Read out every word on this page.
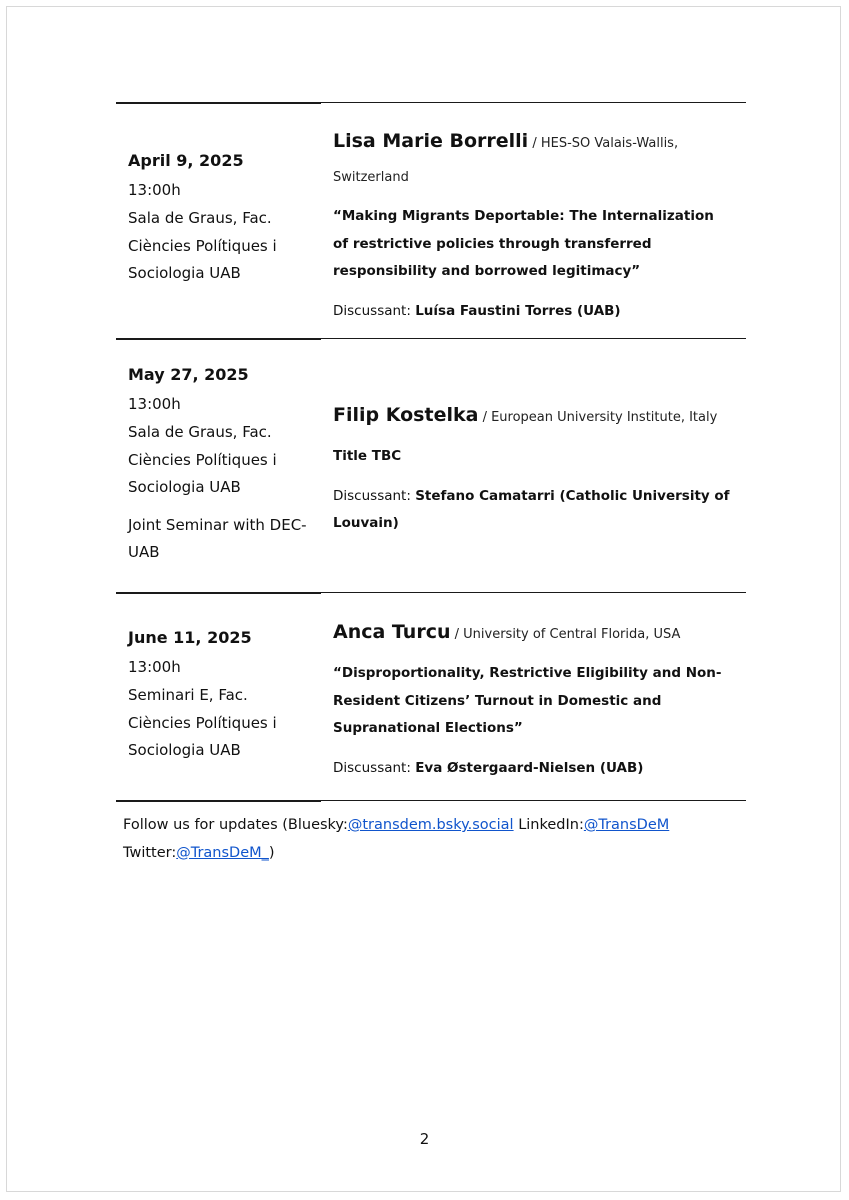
April 9, 2025

13:00h
Sala de Graus, Fac. Ciències Polítiques i Sociologia UAB
Lisa Marie Borrelli / HES-SO Valais-Wallis, Switzerland
“Making Migrants Deportable: The Internalization of restrictive policies through transferred responsibility and borrowed legitimacy”
Discussant: Luísa Faustini Torres (UAB)

May 27, 2025

13:00h
Sala de Graus, Fac. Ciències Polítiques i Sociologia UAB
Joint Seminar with DEC-UAB
Filip Kostelka / European University Institute, Italy
Title TBC
Discussant: Stefano Camatarri (Catholic University of Louvain)

June 11, 2025

13:00h
Seminari E, Fac. Ciències Polítiques i Sociologia UAB
Anca Turcu / University of Central Florida, USA
“Disproportionality, Restrictive Eligibility and Non-Resident Citizens’ Turnout in Domestic and Supranational Elections”
Discussant: Eva Østergaard-Nielsen (UAB)
Follow us for updates (Bluesky:@transdem.bsky.social LinkedIn:@TransDeM
Twitter:@TransDeM_)
2
